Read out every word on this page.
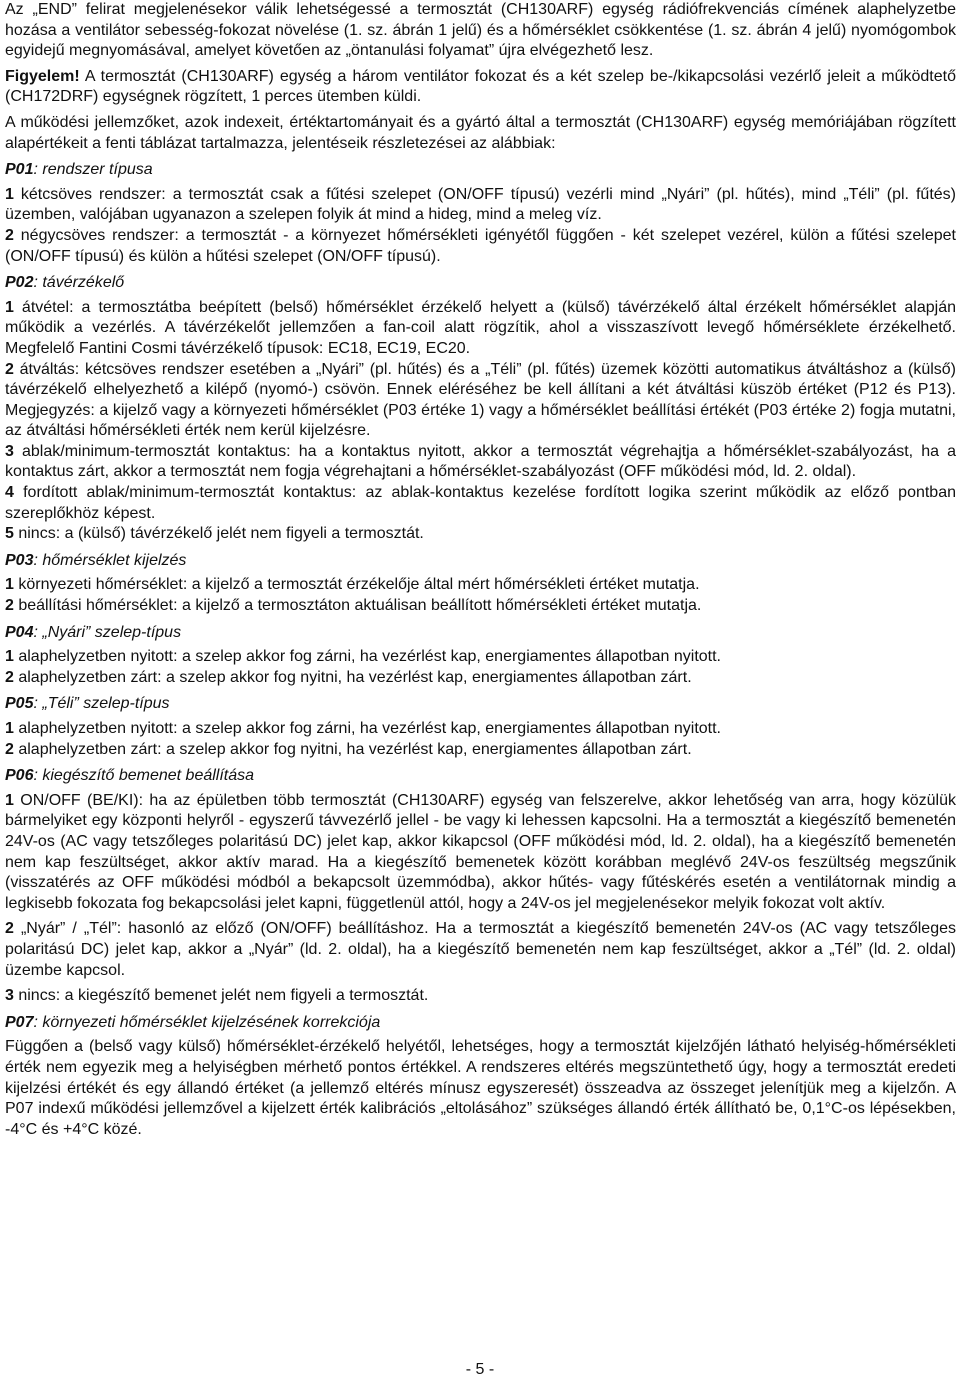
Az „END” felirat megjelenésekor válik lehetségessé a termosztát (CH130ARF) egység rádiófrekvenciás címének alaphelyzetbe hozása a ventilátor sebesség-fokozat növelése (1. sz. ábrán 1 jelű) és a hőmérséklet csökkentése (1. sz. ábrán 4 jelű) nyomógombok egyidejű megnyomásával, amelyet követően az „öntanulási folyamat” újra elvégezhető lesz.

Figyelem! A termosztát (CH130ARF) egység a három ventilátor fokozat és a két szelep be-/kikapcsolási vezérlő jeleit a működtető (CH172DRF) egységnek rögzített, 1 perces ütemben küldi.

A működési jellemzőket, azok indexeit, értéktartományait és a gyártó által a termosztát (CH130ARF) egység memóriájában rögzített alapértékeit a fenti táblázat tartalmazza, jelentéseik részletezései az alábbiak:

P01: rendszer típusa

1 kétcsöves rendszer: a termosztát csak a fűtési szelepet (ON/OFF típusú) vezérli mind „Nyári” (pl. hűtés), mind „Téli” (pl. fűtés) üzemben, valójában ugyanazon a szelepen folyik át mind a hideg, mind a meleg víz.

2 négycsöves rendszer: a termosztát - a környezet hőmérsékleti igényétől függően - két szelepet vezérel, külön a fűtési szelepet (ON/OFF típusú) és külön a hűtési szelepet (ON/OFF típusú).

P02: távérzékelő

1 átvétel: a termosztátba beépített (belső) hőmérséklet érzékelő helyett a (külső) távérzékelő által érzékelt hőmérséklet alapján működik a vezérlés. A távérzékelőt jellemzően a fan-coil alatt rögzítik, ahol a visszaszívott levegő hőmérséklete érzékelhető. Megfelelő Fantini Cosmi távérzékelő típusok: EC18, EC19, EC20.

2 átváltás: kétcsöves rendszer esetében a „Nyári” (pl. hűtés) és a „Téli” (pl. fűtés) üzemek közötti automatikus átváltáshoz a (külső) távérzékelő elhelyezhető a kilépő (nyomó-) csövön. Ennek eléréséhez be kell állítani a két átváltási küszöb értéket (P12 és P13). Megjegyzés: a kijelző vagy a környezeti hőmérséklet (P03 értéke 1) vagy a hőmérséklet beállítási értékét (P03 értéke 2) fogja mutatni, az átváltási hőmérsékleti érték nem kerül kijelzésre.

3 ablak/minimum-termosztát kontaktus: ha a kontaktus nyitott, akkor a termosztát végrehajtja a hőmérséklet-szabályozást, ha a kontaktus zárt, akkor a termosztát nem fogja végrehajtani a hőmérséklet-szabályozást (OFF működési mód, ld. 2. oldal).

4 fordított ablak/minimum-termosztát kontaktus: az ablak-kontaktus kezelése fordított logika szerint működik az előző pontban szereplőkhöz képest.

5 nincs: a (külső) távérzékelő jelét nem figyeli a termosztát.

P03: hőmérséklet kijelzés

1 környezeti hőmérséklet: a kijelző a termosztát érzékelője által mért hőmérsékleti értéket mutatja.

2 beállítási hőmérséklet: a kijelző a termosztáton aktuálisan beállított hőmérsékleti értéket mutatja.

P04: „Nyári” szelep-típus

1 alaphelyzetben nyitott: a szelep akkor fog zárni, ha vezérlést kap, energiamentes állapotban nyitott.

2 alaphelyzetben zárt: a szelep akkor fog nyitni, ha vezérlést kap, energiamentes állapotban zárt.

P05: „Téli” szelep-típus

1 alaphelyzetben nyitott: a szelep akkor fog zárni, ha vezérlést kap, energiamentes állapotban nyitott.

2 alaphelyzetben zárt: a szelep akkor fog nyitni, ha vezérlést kap, energiamentes állapotban zárt.

P06: kiegészítő bemenet beállítása

1 ON/OFF (BE/KI): ha az épületben több termosztát (CH130ARF) egység van felszerelve, akkor lehetőség van arra, hogy közülük bármelyiket egy központi helyről - egyszerű távvezérlő jellel - be vagy ki lehessen kapcsolni. Ha a termosztát a kiegészítő bemenetén 24V-os (AC vagy tetszőleges polaritású DC) jelet kap, akkor kikapcsol (OFF működési mód, ld. 2. oldal), ha a kiegészítő bemenetén nem kap feszültséget, akkor aktív marad. Ha a kiegészítő bemenetek között korábban meglévő 24V-os feszültség megszűnik (visszatérés az OFF működési módból a bekapcsolt üzemmódba), akkor hűtés- vagy fűtéskérés esetén a ventilátornak mindig a legkisebb fokozata fog bekapcsolási jelet kapni, függetlenül attól, hogy a 24V-os jel megjelenésekor melyik fokozat volt aktív.

2 „Nyár” / „Tél”: hasonló az előző (ON/OFF) beállításhoz. Ha a termosztát a kiegészítő bemenetén 24V-os (AC vagy tetszőleges polaritású DC) jelet kap, akkor a „Nyár” (ld. 2. oldal), ha a kiegészítő bemenetén nem kap feszültséget, akkor a „Tél” (ld. 2. oldal) üzembe kapcsol.

3 nincs: a kiegészítő bemenet jelét nem figyeli a termosztát.

P07: környezeti hőmérséklet kijelzésének korrekciója

Függően a (belső vagy külső) hőmérséklet-érzékelő helyétől, lehetséges, hogy a termosztát kijelzőjén látható helyiség-hőmérsékleti érték nem egyezik meg a helyiségben mérhető pontos értékkel. A rendszeres eltérés megszüntethető úgy, hogy a termosztát eredeti kijelzési értékét és egy állandó értéket (a jellemző eltérés mínusz egyszeresét) összeadva az összeget jelenítjük meg a kijelzőn. A P07 indexű működési jellemzővel a kijelzett érték kalibrációs „eltolásához” szükséges állandó érték állítható be, 0,1°C-os lépésekben, -4°C és +4°C közé.

- 5 -
